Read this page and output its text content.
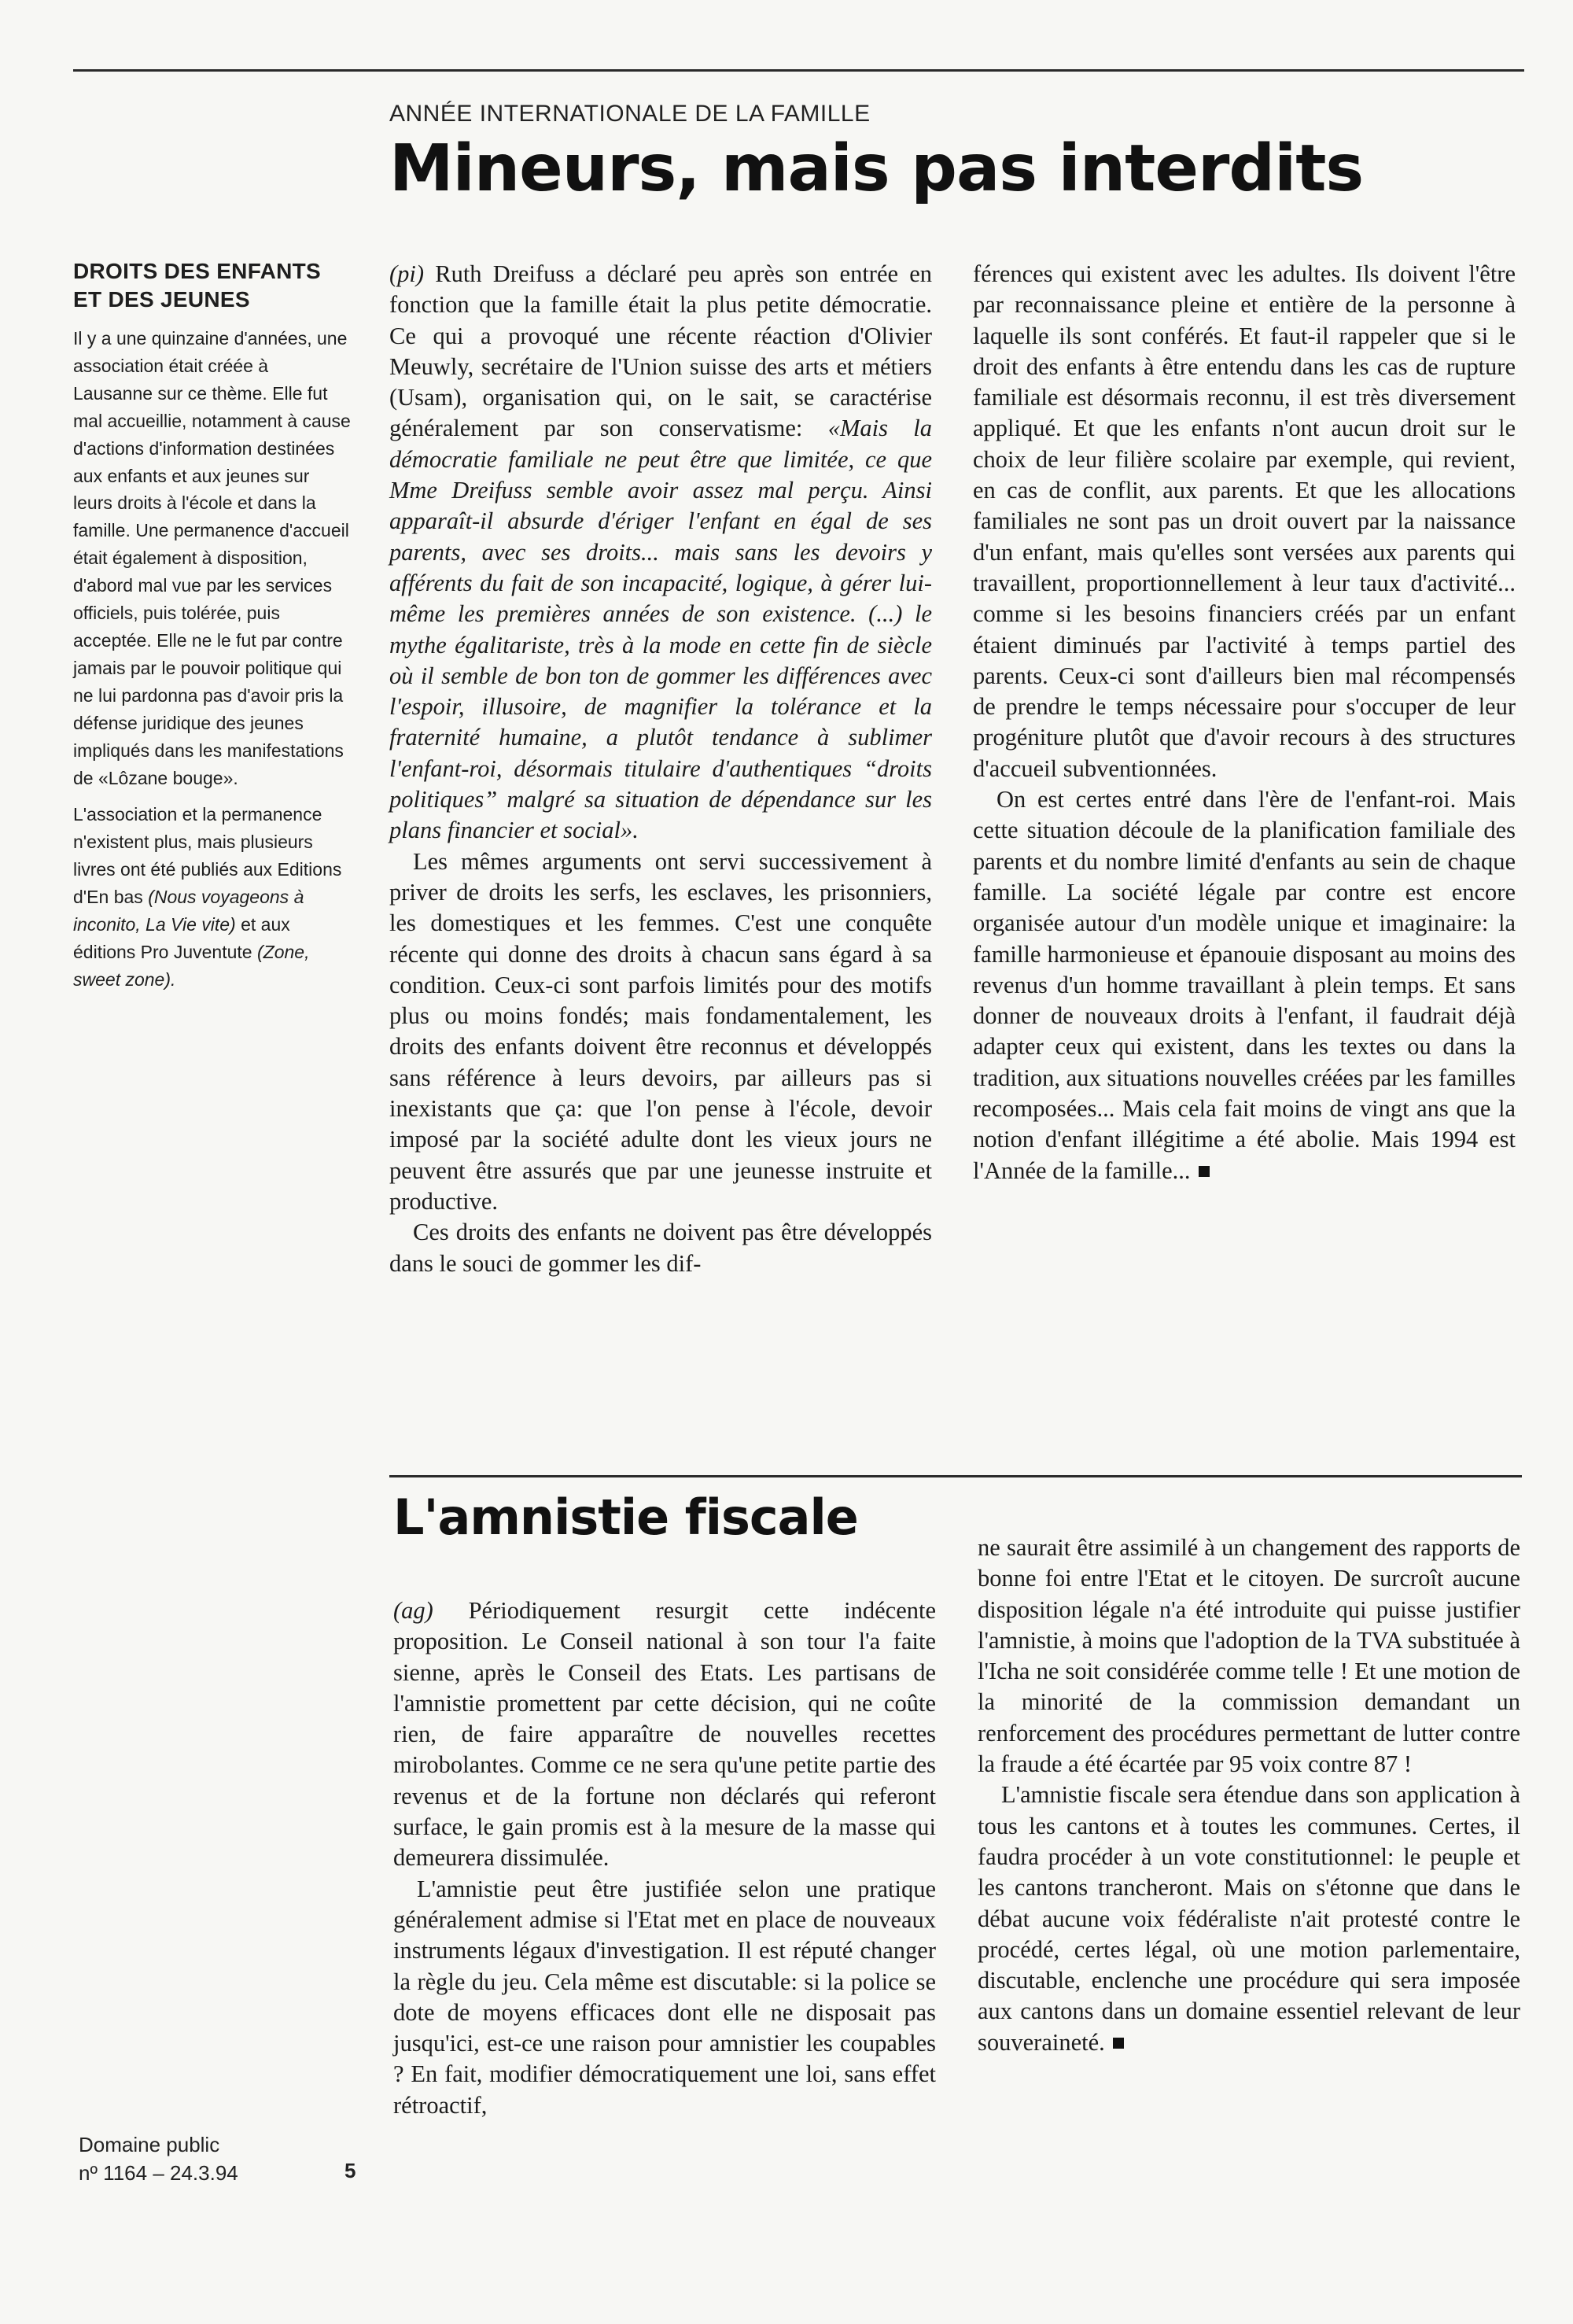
ANNÉE INTERNATIONALE DE LA FAMILLE
Mineurs, mais pas interdits
DROITS DES ENFANTS ET DES JEUNES

Il y a une quinzaine d'années, une association était créée à Lausanne sur ce thème. Elle fut mal accueillie, notamment à cause d'actions d'information destinées aux enfants et aux jeunes sur leurs droits à l'école et dans la famille. Une permanence d'accueil était également à disposition, d'abord mal vue par les services officiels, puis tolérée, puis acceptée. Elle ne le fut par contre jamais par le pouvoir politique qui ne lui pardonna pas d'avoir pris la défense juridique des jeunes impliqués dans les manifestations de «Lôzane bouge».

L'association et la permanence n'existent plus, mais plusieurs livres ont été publiés aux Editions d'En bas (Nous voyageons à inconito, La Vie vite) et aux éditions Pro Juventute (Zone, sweet zone).

(pi) Ruth Dreifuss a déclaré peu après son entrée en fonction que la famille était la plus petite démocratie. Ce qui a provoqué une récente réaction d'Olivier Meuwly, secrétaire de l'Union suisse des arts et métiers (Usam), organisation qui, on le sait, se caractérise généralement par son conservatisme: «Mais la démocratie familiale ne peut être que limitée, ce que Mme Dreifuss semble avoir assez mal perçu. Ainsi apparaît-il absurde d'ériger l'enfant en égal de ses parents, avec ses droits... mais sans les devoirs y afférents du fait de son incapacité, logique, à gérer lui-même les premières années de son existence. (...) le mythe égalitariste, très à la mode en cette fin de siècle où il semble de bon ton de gommer les différences avec l'espoir, illusoire, de magnifier la tolérance et la fraternité humaine, a plutôt tendance à sublimer l'enfant-roi, désormais titulaire d'authentiques “droits politiques” malgré sa situation de dépendance sur les plans financier et social».

Les mêmes arguments ont servi successivement à priver de droits les serfs, les esclaves, les prisonniers, les domestiques et les femmes. C'est une conquête récente qui donne des droits à chacun sans égard à sa condition. Ceux-ci sont parfois limités pour des motifs plus ou moins fondés; mais fondamentalement, les droits des enfants doivent être reconnus et développés sans référence à leurs devoirs, par ailleurs pas si inexistants que ça: que l'on pense à l'école, devoir imposé par la société adulte dont les vieux jours ne peuvent être assurés que par une jeunesse instruite et productive.

Ces droits des enfants ne doivent pas être développés dans le souci de gommer les dif-

férences qui existent avec les adultes. Ils doivent l'être par reconnaissance pleine et entière de la personne à laquelle ils sont conférés. Et faut-il rappeler que si le droit des enfants à être entendu dans les cas de rupture familiale est désormais reconnu, il est très diversement appliqué. Et que les enfants n'ont aucun droit sur le choix de leur filière scolaire par exemple, qui revient, en cas de conflit, aux parents. Et que les allocations familiales ne sont pas un droit ouvert par la naissance d'un enfant, mais qu'elles sont versées aux parents qui travaillent, proportionnellement à leur taux d'activité... comme si les besoins financiers créés par un enfant étaient diminués par l'activité à temps partiel des parents. Ceux-ci sont d'ailleurs bien mal récompensés de prendre le temps nécessaire pour s'occuper de leur progéniture plutôt que d'avoir recours à des structures d'accueil subventionnées.

On est certes entré dans l'ère de l'enfant-roi. Mais cette situation découle de la planification familiale des parents et du nombre limité d'enfants au sein de chaque famille. La société légale par contre est encore organisée autour d'un modèle unique et imaginaire: la famille harmonieuse et épanouie disposant au moins des revenus d'un homme travaillant à plein temps. Et sans donner de nouveaux droits à l'enfant, il faudrait déjà adapter ceux qui existent, dans les textes ou dans la tradition, aux situations nouvelles créées par les familles recomposées... Mais cela fait moins de vingt ans que la notion d'enfant illégitime a été abolie. Mais 1994 est l'Année de la famille...

L'amnistie fiscale

(ag) Périodiquement resurgit cette indécente proposition. Le Conseil national à son tour l'a faite sienne, après le Conseil des Etats. Les partisans de l'amnistie promettent par cette décision, qui ne coûte rien, de faire apparaître de nouvelles recettes mirobolantes. Comme ce ne sera qu'une petite partie des revenus et de la fortune non déclarés qui referont surface, le gain promis est à la mesure de la masse qui demeurera dissimulée.

L'amnistie peut être justifiée selon une pratique généralement admise si l'Etat met en place de nouveaux instruments légaux d'investigation. Il est réputé changer la règle du jeu. Cela même est discutable: si la police se dote de moyens efficaces dont elle ne disposait pas jusqu'ici, est-ce une raison pour amnistier les coupables ? En fait, modifier démocratiquement une loi, sans effet rétroactif,

ne saurait être assimilé à un changement des rapports de bonne foi entre l'Etat et le citoyen. De surcroît aucune disposition légale n'a été introduite qui puisse justifier l'amnistie, à moins que l'adoption de la TVA substituée à l'Icha ne soit considérée comme telle ! Et une motion de la minorité de la commission demandant un renforcement des procédures permettant de lutter contre la fraude a été écartée par 95 voix contre 87 !

L'amnistie fiscale sera étendue dans son application à tous les cantons et à toutes les communes. Certes, il faudra procéder à un vote constitutionnel: le peuple et les cantons trancheront. Mais on s'étonne que dans le débat aucune voix fédéraliste n'ait protesté contre le procédé, certes légal, où une motion parlementaire, discutable, enclenche une procédure qui sera imposée aux cantons dans un domaine essentiel relevant de leur souveraineté.

Domaine public
nº 1164 – 24.3.94	5
